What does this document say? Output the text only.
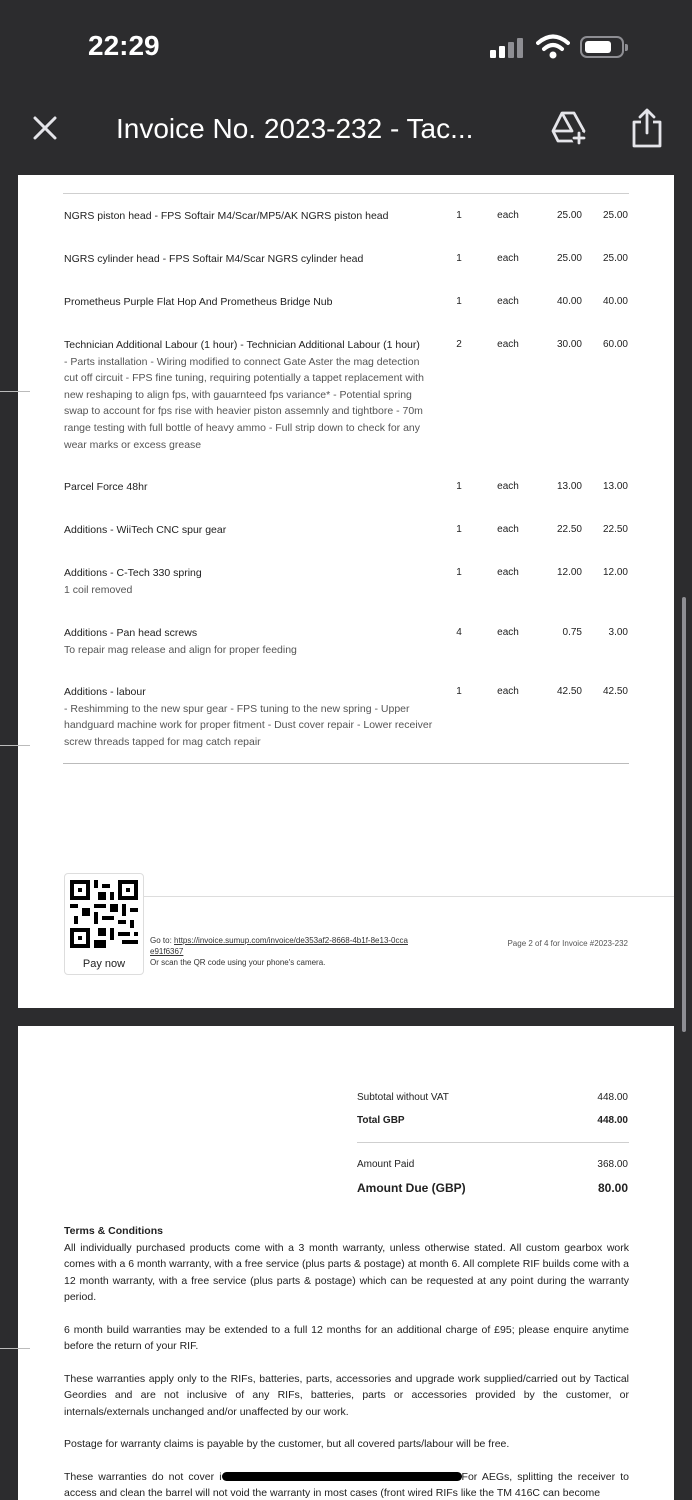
22:29
Invoice No. 2023-232 - Tac...
NGRS piston head - FPS Softair M4/Scar/MP5/AK NGRS piston head	1	each	25.00	25.00
NGRS cylinder head - FPS Softair M4/Scar NGRS cylinder head	1	each	25.00	25.00
Prometheus Purple Flat Hop And Prometheus Bridge Nub	1	each	40.00	40.00
Technician Additional Labour (1 hour) - Technician Additional Labour (1 hour)
- Parts installation - Wiring modified to connect Gate Aster the mag detection cut off circuit - FPS fine tuning, requiring potentially a tappet replacement with new reshaping to align fps, with gauarnteed fps variance* - Potential spring swap to account for fps rise with heavier piston assemnly and tightbore - 70m range testing with full bottle of heavy ammo - Full strip down to check for any wear marks or excess grease
2	each	30.00	60.00
Parcel Force 48hr	1	each	13.00	13.00
Additions - WiiTech CNC spur gear	1	each	22.50	22.50
Additions - C-Tech 330 spring
1 coil removed
1	each	12.00	12.00
Additions - Pan head screws
To repair mag release and align for proper feeding
4	each	0.75	3.00
Additions - labour
- Reshimming to the new spur gear - FPS tuning to the new spring - Upper handguard machine work for proper fitment - Dust cover repair - Lower receiver screw threads tapped for mag catch repair
1	each	42.50	42.50
Pay now
Go to: https://invoice.sumup.com/invoice/de353af2-8668-4b1f-8e13-0ccae91f6367
Or scan the QR code using your phone's camera.
Page 2 of 4 for Invoice #2023-232
Subtotal without VAT	448.00
Total GBP	448.00
Amount Paid	368.00
Amount Due (GBP)	80.00
Terms & Conditions

All individually purchased products come with a 3 month warranty, unless otherwise stated. All custom gearbox work comes with a 6 month warranty, with a free service (plus parts & postage) at month 6. All complete RIF builds come with a 12 month warranty, with a free service (plus parts & postage) which can be requested at any point during the warranty period.

6 month build warranties may be extended to a full 12 months for an additional charge of £95; please enquire anytime before the return of your RIF.

These warranties apply only to the RIFs, batteries, parts, accessories and upgrade work supplied/carried out by Tactical Geordies and are not inclusive of any RIFs, batteries, parts or accessories provided by the customer, or internals/externals unchanged and/or unaffected by our work.

Postage for warranty claims is payable by the customer, but all covered parts/labour will be free.

These warranties do not cover i	For AEGs, splitting the receiver to access and clean the barrel will not void the warranty in most cases (front wired RIFs like the TM 416C can become
